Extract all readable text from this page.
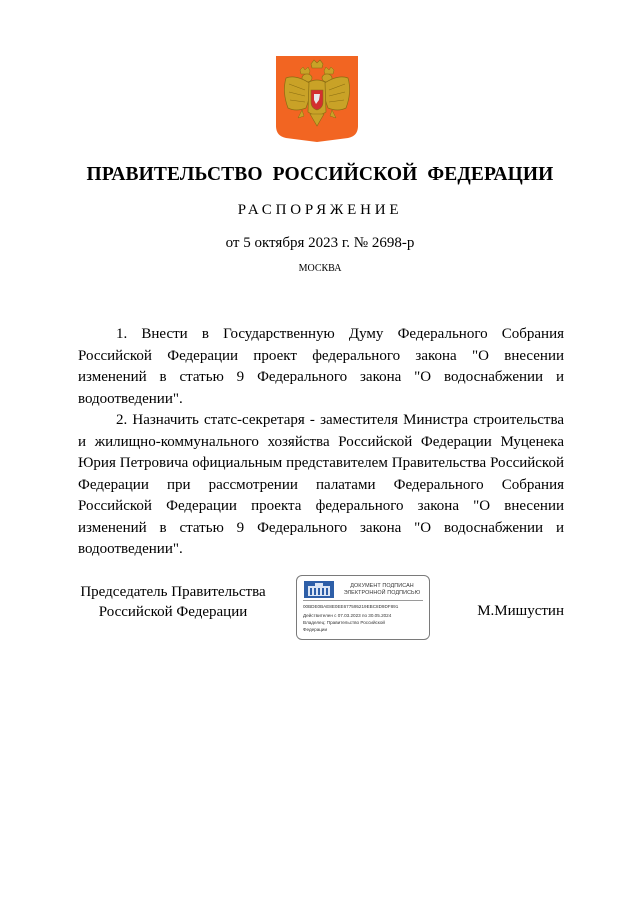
ПРАВИТЕЛЬСТВО РОССИЙСКОЙ ФЕДЕРАЦИИ
РАСПОРЯЖЕНИЕ
от 5 октября 2023 г. № 2698-р
МОСКВА

1. Внести в Государственную Думу Федерального Собрания Российской Федерации проект федерального закона "О внесении изменений в статью 9 Федерального закона "О водоснабжении и водоотведении".

2. Назначить статс-секретаря - заместителя Министра строительства и жилищно-коммунального хозяйства Российской Федерации Муценека Юрия Петровича официальным представителем Правительства Российской Федерации при рассмотрении палатами Федерального Собрания Российской Федерации проекта федерального закона "О внесении изменений в статью 9 Федерального закона "О водоснабжении и водоотведении".

Председатель Правительства
Российской Федерации
ДОКУМЕНТ ПОДПИСАН
ЭЛЕКТРОННОЙ ПОДПИСЬЮ
00BDE0BAE8E0EE677595219EBC8D9DF891
Действителен с 07.03.2023 по 30.05.2024
Владелец: Правительство Российской
Федерации
М.Мишустин
